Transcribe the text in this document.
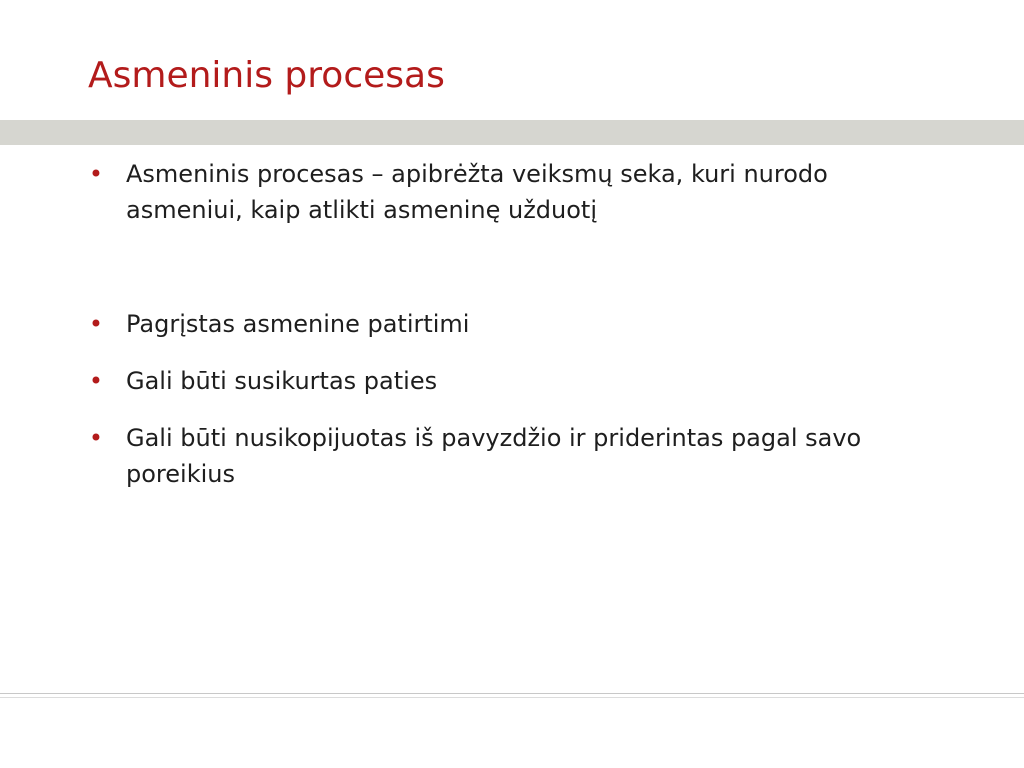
Asmeninis procesas
• Asmeninis procesas – apibrėžta veiksmų seka, kuri nurodo asmeniui, kaip atlikti asmeninę užduotį
• Pagrįstas asmenine patirtimi
• Gali būti susikurtas paties
• Gali būti nusikopijuotas iš pavyzdžio ir priderintas pagal savo poreikius
